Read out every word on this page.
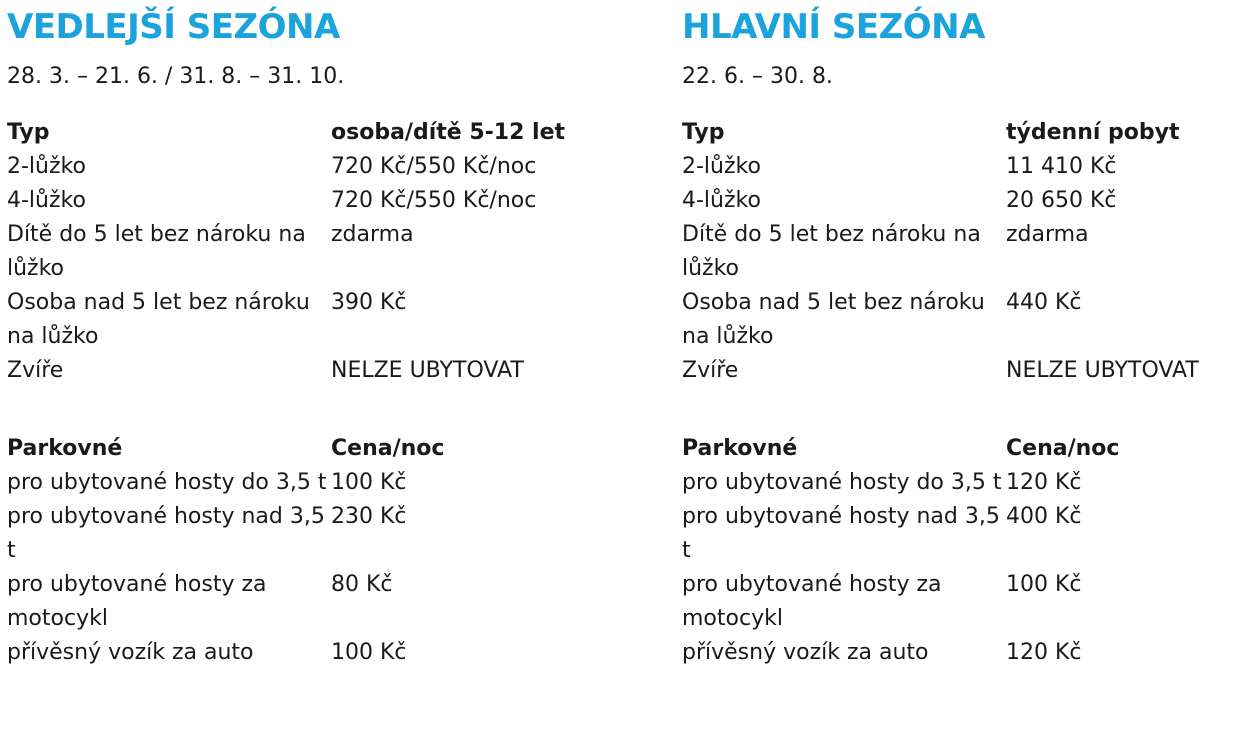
VEDLEJŠÍ SEZÓNA
28. 3. – 21. 6. / 31. 8. – 31. 10.
Typ	osoba/dítě 5-12 let
2-lůžko	720 Kč/550 Kč/noc
4-lůžko	720 Kč/550 Kč/noc
Dítě do 5 let bez nároku na lůžko	zdarma
Osoba nad 5 let bez nároku na lůžko	390 Kč
Zvíře	NELZE UBYTOVAT
Parkovné	Cena/noc
pro ubytované hosty do 3,5 t	100 Kč
pro ubytované hosty nad 3,5 t	230 Kč
pro ubytované hosty za motocykl	80 Kč
přívěsný vozík za auto	100 Kč
HLAVNÍ SEZÓNA
22. 6. – 30. 8.
Typ	týdenní pobyt
2-lůžko	11 410 Kč
4-lůžko	20 650 Kč
Dítě do 5 let bez nároku na lůžko	zdarma
Osoba nad 5 let bez nároku na lůžko	440 Kč
Zvíře	NELZE UBYTOVAT
Parkovné	Cena/noc
pro ubytované hosty do 3,5 t	120 Kč
pro ubytované hosty nad 3,5 t	400 Kč
pro ubytované hosty za motocykl	100 Kč
přívěsný vozík za auto	120 Kč
